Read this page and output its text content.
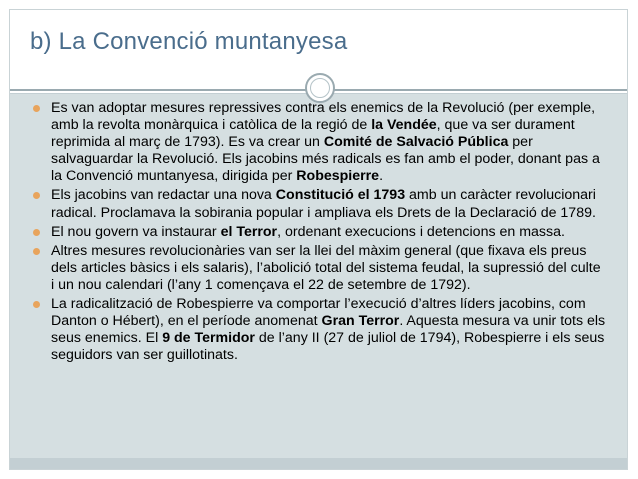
b) La Convenció muntanyesa
Es van adoptar mesures repressives contra els enemics de la Revolució (per exemple, amb la revolta monàrquica i catòlica de la regió de la Vendée, que va ser durament reprimida al març de 1793). Es va crear un Comité de Salvació Pública per salvaguardar la Revolució. Els jacobins més radicals es fan amb el poder, donant pas a la Convenció muntanyesa, dirigida per Robespierre.
Els jacobins van redactar una nova Constitució el 1793 amb un caràcter revolucionari radical. Proclamava la sobirania popular i ampliava els Drets de la Declaració de 1789.
El nou govern va instaurar el Terror, ordenant execucions i detencions en massa.
Altres mesures revolucionàries van ser la llei del màxim general (que fixava els preus dels articles bàsics i els salaris), l’abolició total del sistema feudal, la supressió del culte i un nou calendari (l’any 1 començava el 22 de setembre de 1792).
La radicalització de Robespierre va comportar l’execució d’altres líders jacobins, com Danton o Hébert), en el període anomenat Gran Terror. Aquesta mesura va unir tots els seus enemics. El 9 de Termidor de l’any II (27 de juliol de 1794), Robespierre i els seus seguidors van ser guillotinats.
